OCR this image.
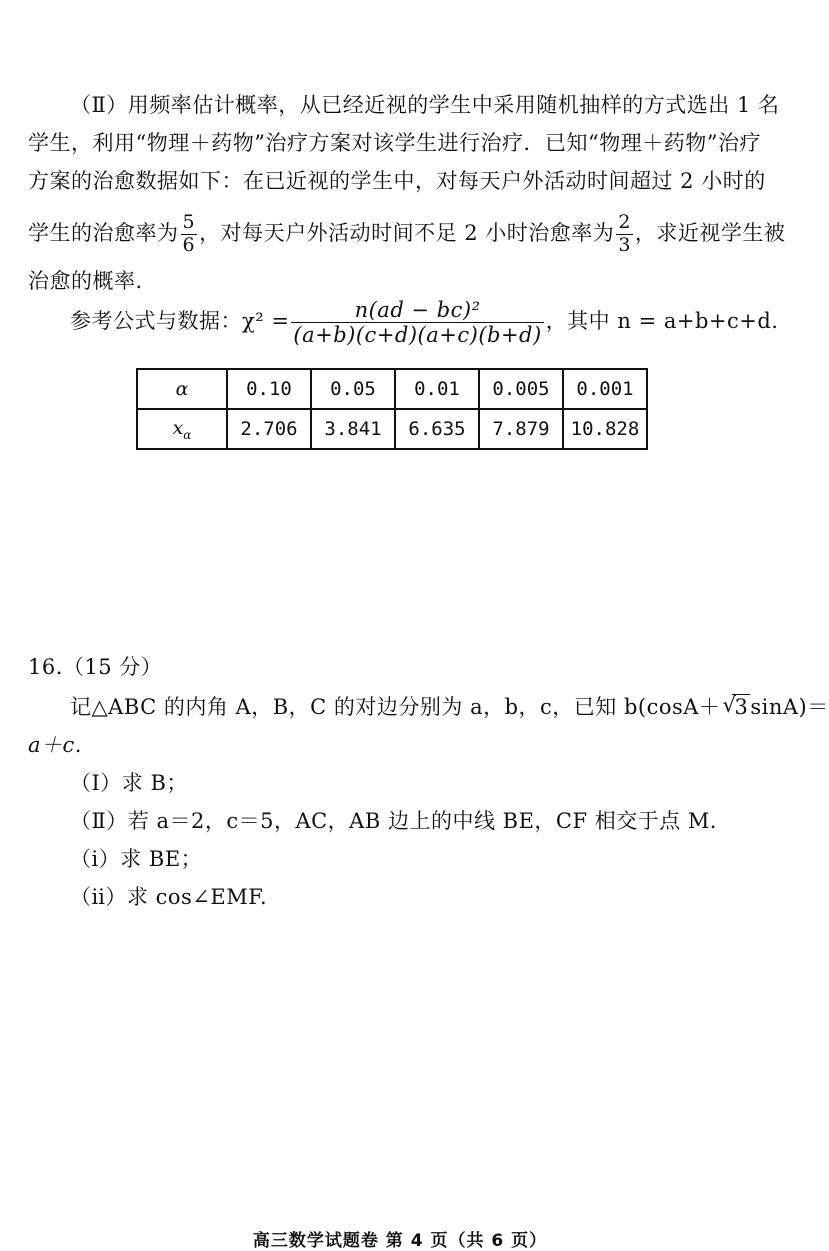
（Ⅱ）用频率估计概率，从已经近视的学生中采用随机抽样的方式选出 1 名
学生，利用“物理＋药物”治疗方案对该学生进行治疗．已知“物理＋药物”治疗
方案的治愈数据如下：在已近视的学生中，对每天户外活动时间超过 2 小时的
学生的治愈率为 $\frac{5}{6}$ ，对每天户外活动时间不足 2 小时治愈率为 $\frac{2}{3}$ ，求近视学生被
治愈的概率．
参考公式与数据：$\chi^2 = \frac{\text{n(ad − bc)²}}{(a+b)(c+d)(a+c)(b+d)}$ ，其中 n = a+b+c+d.
α	0.10	0.05	0.01	0.005	0.001
$x_\alpha$	2.706	3.841	6.635	7.879	10.828
16.（15 分）
记△ABC 的内角 A，B，C 的对边分别为 a，b，c，已知 b(cosA＋ √
3sinA)＝
a＋c.
（Ⅰ）求 B；
（Ⅱ）若 a＝2，c＝5，AC，AB 边上的中线 BE，CF 相交于点 M．
（ⅰ）求 BE；
（ⅱ）求 cos∠EMF.
高三数学试题卷 第 4 页（共 6 页）
